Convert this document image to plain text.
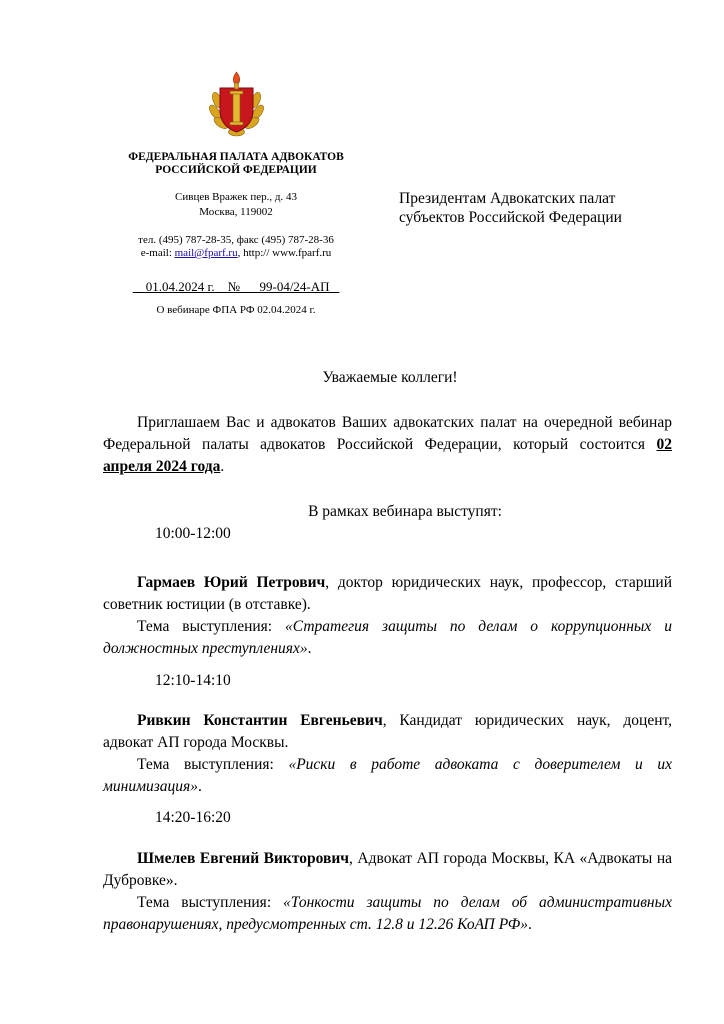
ФЕДЕРАЛЬНАЯ ПАЛАТА АДВОКАТОВ
РОССИЙСКОЙ ФЕДЕРАЦИИ
Сивцев Вражек пер., д. 43
Москва, 119002
тел. (495) 787-28-35, факс (495) 787-28-36
e-mail: mail@fparf.ru, http:// www.fparf.ru
01.04.2024 г. № 99-04/24-АП _
О вебинаре ФПА РФ 02.04.2024 г.
Президентам Адвокатских палат
субъектов Российской Федерации
Уважаемые коллеги!
Приглашаем Вас и адвокатов Ваших адвокатских палат на очередной вебинар Федеральной палаты адвокатов Российской Федерации, который состоится 02 апреля 2024 года.
В рамках вебинара выступят:
10:00-12:00
Гармаев Юрий Петрович, доктор юридических наук, профессор, старший советник юстиции (в отставке).
Тема выступления: «Стратегия защиты по делам о коррупционных и должностных преступлениях».
12:10-14:10
Ривкин Константин Евгеньевич, Кандидат юридических наук, доцент, адвокат АП города Москвы.
Тема выступления: «Риски в работе адвоката с доверителем и их минимизация».
14:20-16:20
Шмелев Евгений Викторович, Адвокат АП города Москвы, КА «Адвокаты на Дубровке».
Тема выступления: «Тонкости защиты по делам об административных правонарушениях, предусмотренных ст. 12.8 и 12.26 КоАП РФ».
